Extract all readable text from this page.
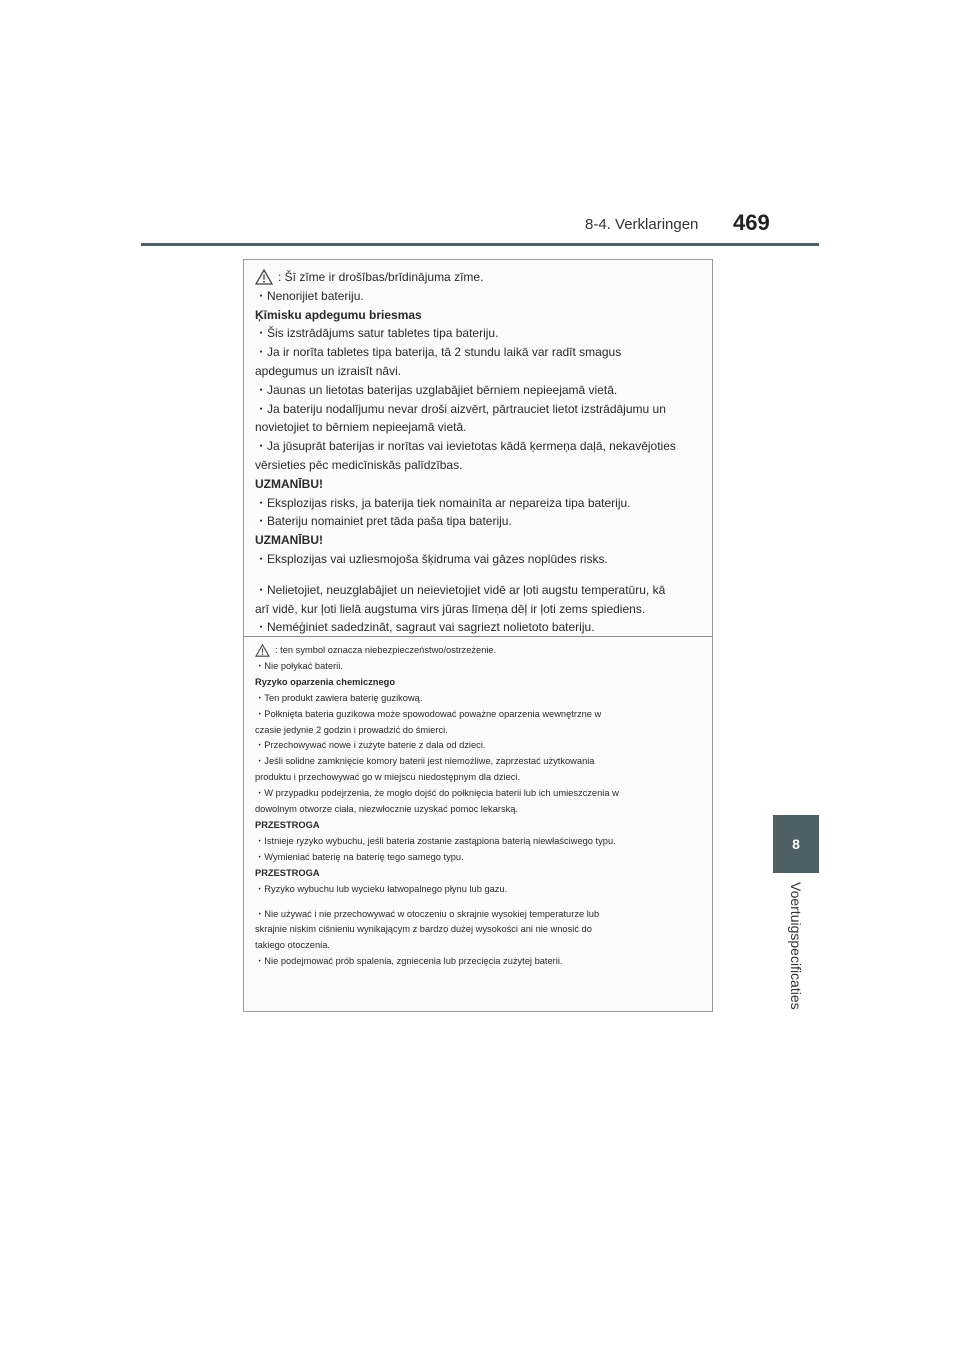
8-4. Verklaringen 469
8
Voertuigspecificaties
: Šī zīme ir drošības/brīdinājuma zīme.
・Nenorijiet bateriju.
Ķīmisku apdegumu briesmas
・Šis izstrādājums satur tabletes tipa bateriju.
・Ja ir norīta tabletes tipa baterija, tā 2 stundu laikā var radīt smagus
apdegumus un izraisīt nāvi.
・Jaunas un lietotas baterijas uzglabājiet bērniem nepieejamā vietā.
・Ja bateriju nodalījumu nevar droši aizvērt, pārtrauciet lietot izstrādājumu un
novietojiet to bērniem nepieejamā vietā.
・Ja jūsuprāt baterijas ir norītas vai ievietotas kādā ķermeņa daļā, nekavējoties
vērsieties pēc medicīniskās palīdzības.
UZMANĪBU!
・Eksplozijas risks, ja baterija tiek nomainīta ar nepareiza tipa bateriju.
・Bateriju nomainiet pret tāda paša tipa bateriju.
UZMANĪBU!
・Eksplozijas vai uzliesmojoša šķidruma vai gāzes noplūdes risks.
・Nelietojiet, neuzglabājiet un neievietojiet vidē ar ļoti augstu temperatūru, kā
arī vidē, kur ļoti lielā augstuma virs jūras līmeņa dēļ ir ļoti zems spiediens.
・Neméģiniet sadedzināt, sagraut vai sagriezt nolietoto bateriju.
: ten symbol oznacza niebezpieczeństwo/ostrzeżenie.
・Nie połykać baterii.
Ryzyko oparzenia chemicznego
・Ten produkt zawiera baterię guzikową.
・Połknięta bateria guzikowa może spowodować poważne oparzenia wewnętrzne w
czasie jedynie 2 godzin i prowadzić do śmierci.
・Przechowywać nowe i zużyte baterie z dala od dzieci.
・Jeśli solidne zamknięcie komory baterii jest niemożliwe, zaprzestać użytkowania
produktu i przechowywać go w miejscu niedostępnym dla dzieci.
・W przypadku podejrzenia, że mogło dojść do połknięcia baterii lub ich umieszczenia w
dowolnym otworze ciała, niezwłocznie uzyskać pomoc lekarską.
PRZESTROGA
・Istnieje ryzyko wybuchu, jeśli bateria zostanie zastąpiona baterią niewłaściwego typu.
・Wymieniać baterię na baterię tego samego typu.
PRZESTROGA
・Ryzyko wybuchu lub wycieku łatwopalnego płynu lub gazu.
・Nie używać i nie przechowywać w otoczeniu o skrajnie wysokiej temperaturze lub
skrajnie niskim ciśnieniu wynikającym z bardzo dużej wysokości ani nie wnosić do
takiego otoczenia.
・Nie podejmować prób spalenia, zgniecenia lub przecięcia zużytej baterii.
